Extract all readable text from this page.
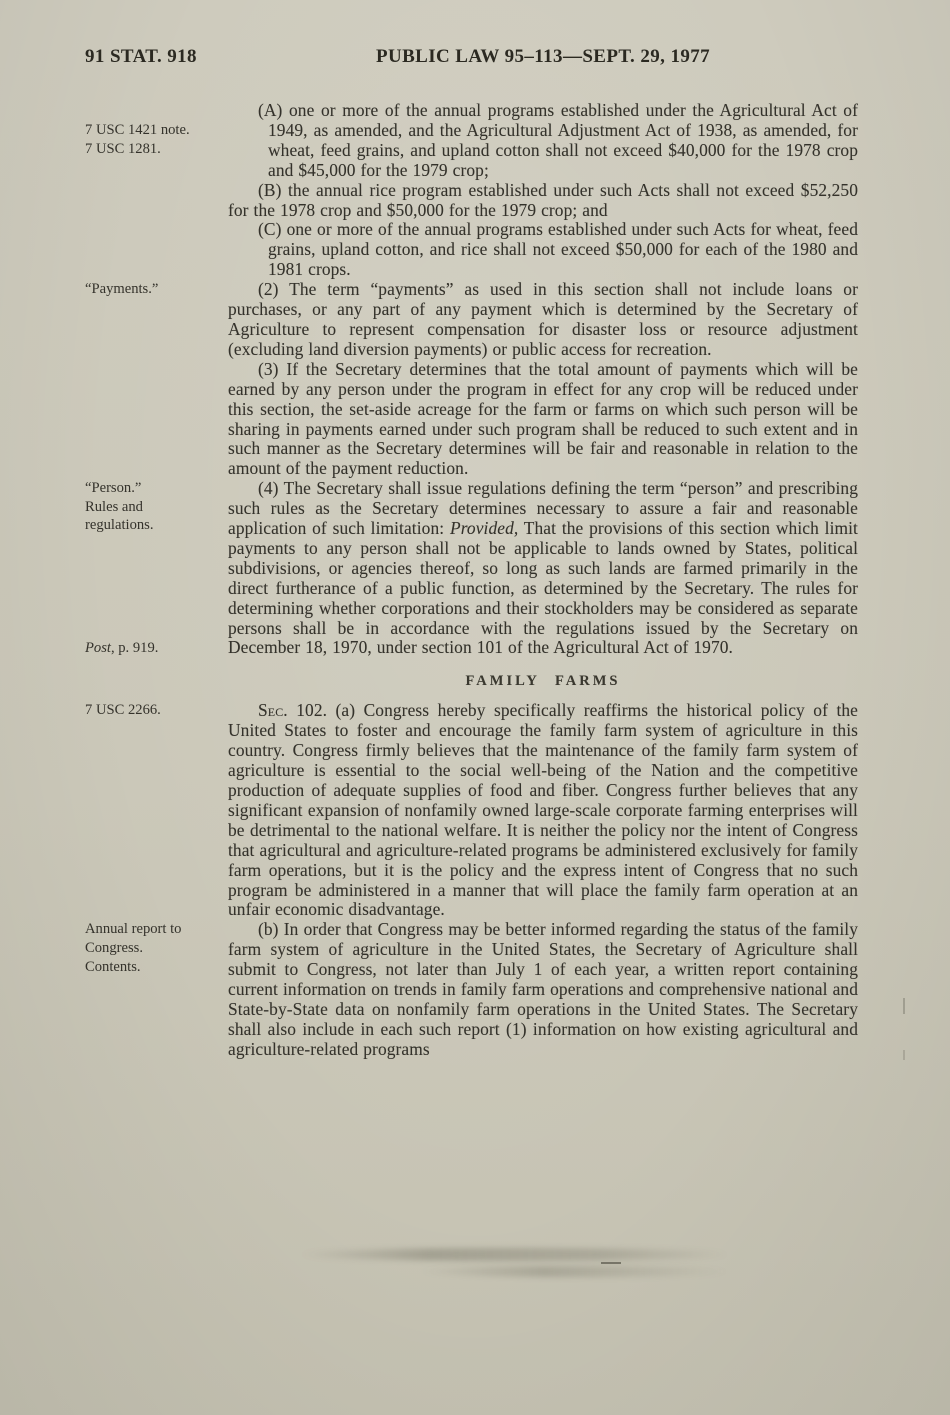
91 STAT. 918	PUBLIC LAW 95–113—SEPT. 29, 1977
7 USC 1421 note.
7 USC 1281.

(A) one or more of the annual programs established under the Agricultural Act of 1949, as amended, and the Agricultural Adjustment Act of 1938, as amended, for wheat, feed grains, and upland cotton shall not exceed $40,000 for the 1978 crop and $45,000 for the 1979 crop;

(B) the annual rice program established under such Acts shall not exceed $52,250 for the 1978 crop and $50,000 for the 1979 crop; and

(C) one or more of the annual programs established under such Acts for wheat, feed grains, upland cotton, and rice shall not exceed $50,000 for each of the 1980 and 1981 crops.

“Payments.”	(2) The term “payments” as used in this section shall not include loans or purchases, or any part of any payment which is determined by the Secretary of Agriculture to represent compensation for disaster loss or resource adjustment (excluding land diversion payments) or public access for recreation.

(3) If the Secretary determines that the total amount of payments which will be earned by any person under the program in effect for any crop will be reduced under this section, the set-aside acreage for the farm or farms on which such person will be sharing in payments earned under such program shall be reduced to such extent and in such manner as the Secretary determines will be fair and reasonable in relation to the amount of the payment reduction.

“Person.”
Rules and
regulations.
Post, p. 919.

(4) The Secretary shall issue regulations defining the term “person” and prescribing such rules as the Secretary determines necessary to assure a fair and reasonable application of such limitation: Provided, That the provisions of this section which limit payments to any person shall not be applicable to lands owned by States, political subdivisions, or agencies thereof, so long as such lands are farmed primarily in the direct furtherance of a public function, as determined by the Secretary. The rules for determining whether corporations and their stockholders may be considered as separate persons shall be in accordance with the regulations issued by the Secretary on December 18, 1970, under section 101 of the Agricultural Act of 1970.

FAMILY FARMS
7 USC 2266.	Sec. 102. (a) Congress hereby specifically reaffirms the historical policy of the United States to foster and encourage the family farm system of agriculture in this country. Congress firmly believes that the maintenance of the family farm system of agriculture is essential to the social well-being of the Nation and the competitive production of adequate supplies of food and fiber. Congress further believes that any significant expansion of nonfamily owned large-scale corporate farming enterprises will be detrimental to the national welfare. It is neither the policy nor the intent of Congress that agricultural and agriculture-related programs be administered exclusively for family farm operations, but it is the policy and the express intent of Congress that no such program be administered in a manner that will place the family farm operation at an unfair economic disadvantage.

Annual report to
Congress.
Contents.

(b) In order that Congress may be better informed regarding the status of the family farm system of agriculture in the United States, the Secretary of Agriculture shall submit to Congress, not later than July 1 of each year, a written report containing current information on trends in family farm operations and comprehensive national and State-by-State data on nonfamily farm operations in the United States. The Secretary shall also include in each such report (1) information on how existing agricultural and agriculture-related programs
